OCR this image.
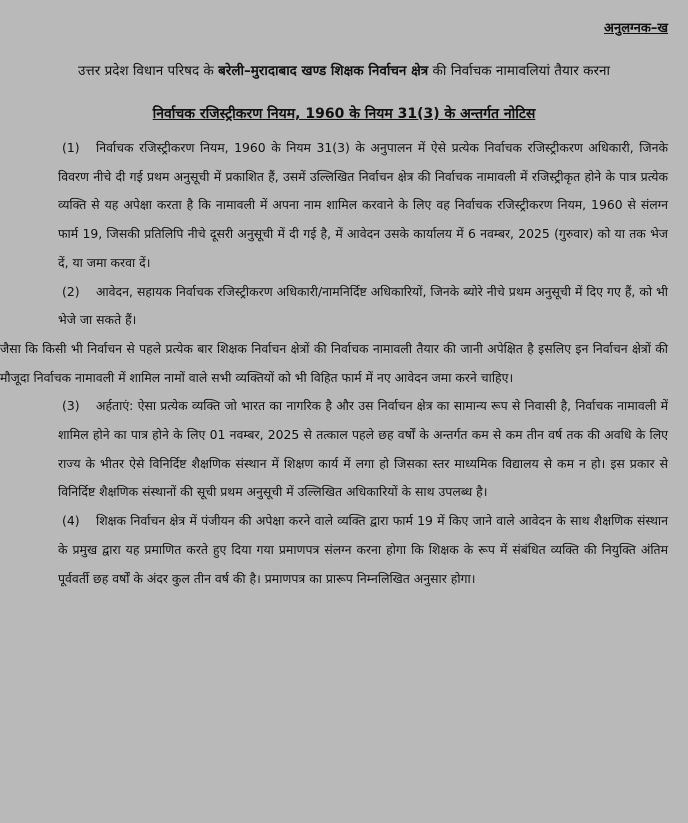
अनुलग्नक–ख
उत्तर प्रदेश विधान परिषद के बरेली–मुरादाबाद खण्ड शिक्षक निर्वाचन क्षेत्र की निर्वाचक नामावलियां तैयार करना
निर्वाचक रजिस्ट्रीकरण नियम, 1960 के नियम 31(3) के अन्तर्गत नोटिस

(1) निर्वाचक रजिस्ट्रीकरण नियम, 1960 के नियम 31(3) के अनुपालन में ऐसे प्रत्येक निर्वाचक रजिस्ट्रीकरण अधिकारी, जिनके विवरण नीचे दी गई प्रथम अनुसूची में प्रकाशित हैं, उसमें उल्लिखित निर्वाचन क्षेत्र की निर्वाचक नामावली में रजिस्ट्रीकृत होने के पात्र प्रत्येक व्यक्ति से यह अपेक्षा करता है कि नामावली में अपना नाम शामिल करवाने के लिए वह निर्वाचक रजिस्ट्रीकरण नियम, 1960 से संलग्न फार्म 19, जिसकी प्रतिलिपि नीचे दूसरी अनुसूची में दी गई है, में आवेदन उसके कार्यालय में 6 नवम्बर, 2025 (गुरुवार) को या तक भेज दें, या जमा करवा दें।

(2) आवेदन, सहायक निर्वाचक रजिस्ट्रीकरण अधिकारी/नामनिर्दिष्ट अधिकारियों, जिनके ब्योरे नीचे प्रथम अनुसूची में दिए गए हैं, को भी भेजे जा सकते हैं।

जैसा कि किसी भी निर्वाचन से पहले प्रत्येक बार शिक्षक निर्वाचन क्षेत्रों की निर्वाचक नामावली तैयार की जानी अपेक्षित है इसलिए इन निर्वाचन क्षेत्रों की मौजूदा निर्वाचक नामावली में शामिल नामों वाले सभी व्यक्तियों को भी विहित फार्म में नए आवेदन जमा करने चाहिए।

(3) अर्हताएं: ऐसा प्रत्येक व्यक्ति जो भारत का नागरिक है और उस निर्वाचन क्षेत्र का सामान्य रूप से निवासी है, निर्वाचक नामावली में शामिल होने का पात्र होने के लिए 01 नवम्बर, 2025 से तत्काल पहले छह वर्षों के अन्तर्गत कम से कम तीन वर्ष तक की अवधि के लिए राज्य के भीतर ऐसे विनिर्दिष्ट शैक्षणिक संस्थान में शिक्षण कार्य में लगा हो जिसका स्तर माध्यमिक विद्यालय से कम न हो। इस प्रकार से विनिर्दिष्ट शैक्षणिक संस्थानों की सूची प्रथम अनुसूची में उल्लिखित अधिकारियों के साथ उपलब्ध है।

(4) शिक्षक निर्वाचन क्षेत्र में पंजीयन की अपेक्षा करने वाले व्यक्ति द्वारा फार्म 19 में किए जाने वाले आवेदन के साथ शैक्षणिक संस्थान के प्रमुख द्वारा यह प्रमाणित करते हुए दिया गया प्रमाणपत्र संलग्न करना होगा कि शिक्षक के रूप में संबंधित व्यक्ति की नियुक्ति अंतिम पूर्ववर्ती छह वर्षों के अंदर कुल तीन वर्ष की है। प्रमाणपत्र का प्रारूप निम्नलिखित अनुसार होगा।
